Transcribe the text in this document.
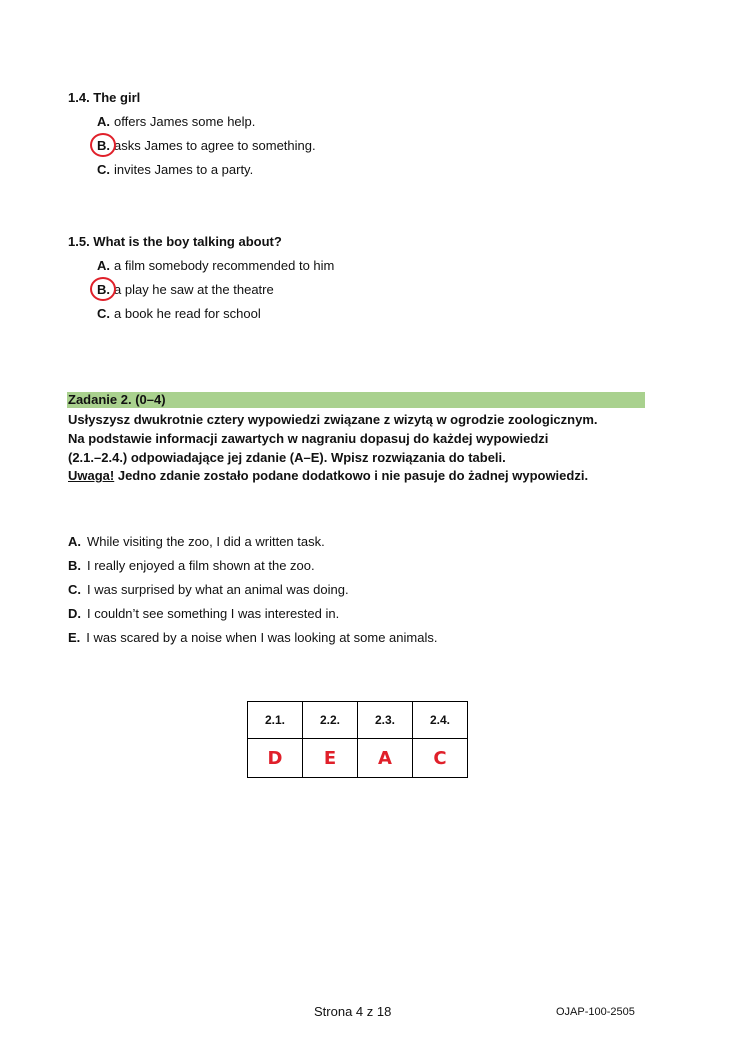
1.4. The girl
A. offers James some help.
B. asks James to agree to something.
C. invites James to a party.
1.5. What is the boy talking about?
A. a film somebody recommended to him
B. a play he saw at the theatre
C. a book he read for school
Zadanie 2. (0–4)
Usłyszysz dwukrotnie cztery wypowiedzi związane z wizytą w ogrodzie zoologicznym.
Na podstawie informacji zawartych w nagraniu dopasuj do każdej wypowiedzi
(2.1.–2.4.) odpowiadające jej zdanie (A–E). Wpisz rozwiązania do tabeli.
Uwaga! Jedno zdanie zostało podane dodatkowo i nie pasuje do żadnej wypowiedzi.
A. While visiting the zoo, I did a written task.
B. I really enjoyed a film shown at the zoo.
C. I was surprised by what an animal was doing.
D. I couldn’t see something I was interested in.
E. I was scared by a noise when I was looking at some animals.
2.1.	2.2.	2.3.	2.4.
D	E	A	C
Strona 4 z 18	OJAP-100-2505
